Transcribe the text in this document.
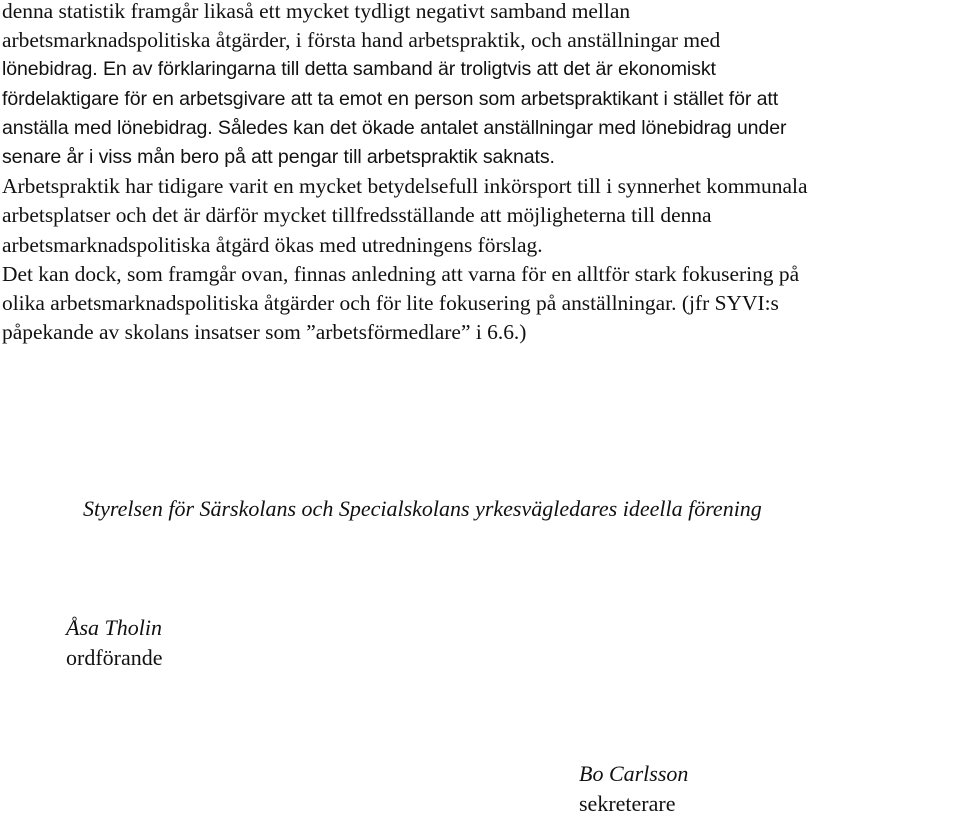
denna statistik framgår likaså ett mycket tydligt negativt samband mellan
arbetsmarknadspolitiska åtgärder, i första hand arbetspraktik, och anställningar med
lönebidrag. En av förklaringarna till detta samband är troligtvis att det är ekonomiskt
fördelaktigare för en arbetsgivare att ta emot en person som arbetspraktikant i stället för att
anställa med lönebidrag. Således kan det ökade antalet anställningar med lönebidrag under
senare år i viss mån bero på att pengar till arbetspraktik saknats.
Arbetspraktik har tidigare varit en mycket betydelsefull inkörsport till i synnerhet kommunala
arbetsplatser och det är därför mycket tillfredsställande att möjligheterna till denna
arbetsmarknadspolitiska åtgärd ökas med utredningens förslag.
Det kan dock, som framgår ovan, finnas anledning att varna för en alltför stark fokusering på
olika arbetsmarknadspolitiska åtgärder och för lite fokusering på anställningar. (jfr SYVI:s
påpekande av skolans insatser som ”arbetsförmedlare” i 6.6.)

Styrelsen för Särskolans och Specialskolans yrkesvägledares ideella förening

Åsa Tholin
ordförande
Bo Carlsson
sekreterare
